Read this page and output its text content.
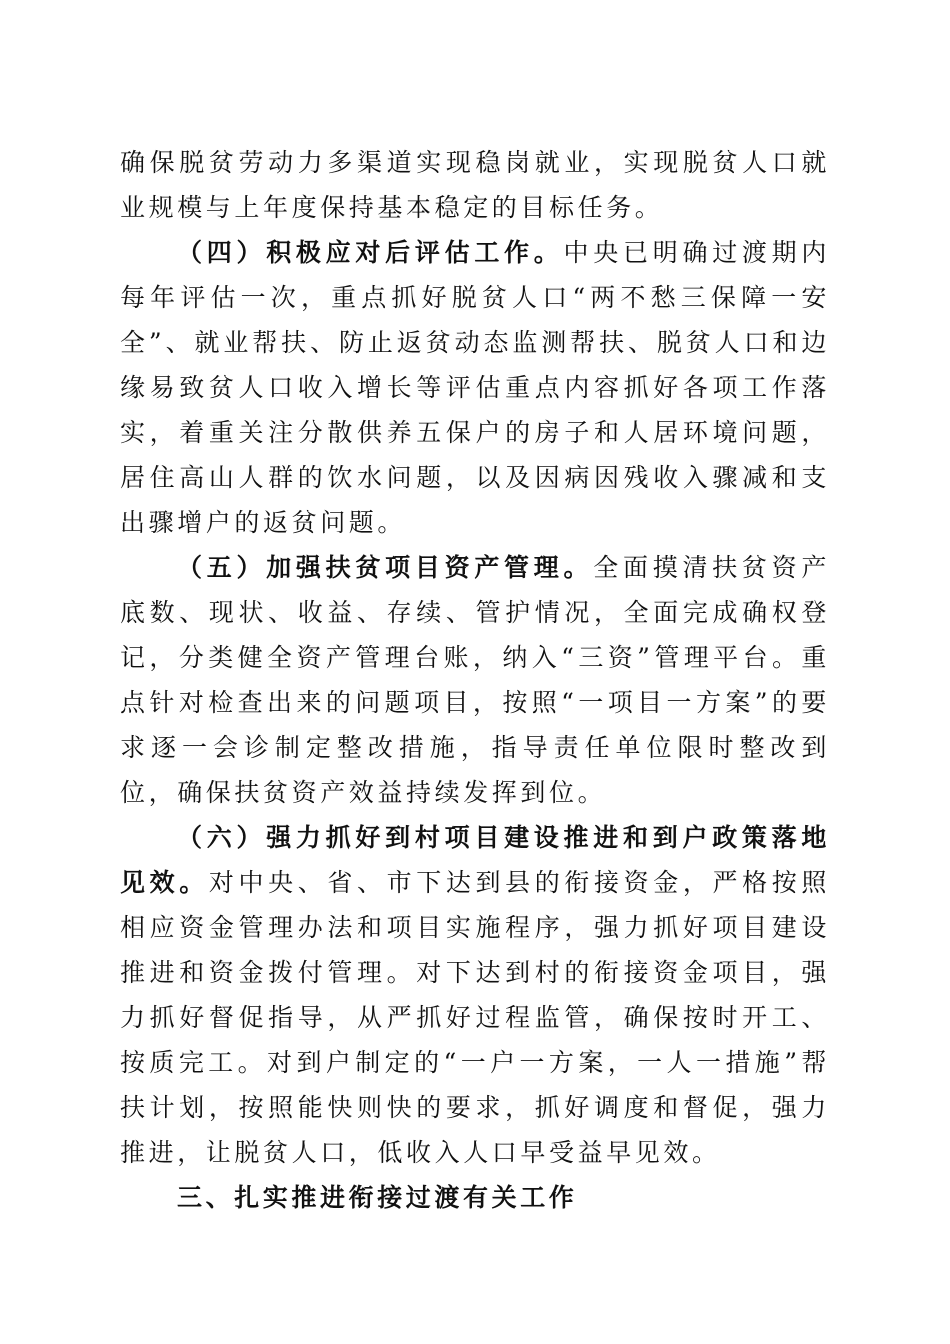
确保脱贫劳动力多渠道实现稳岗就业，实现脱贫人口就业规模与上年度保持基本稳定的目标任务。

（四）积极应对后评估工作。中央已明确过渡期内每年评估一次，重点抓好脱贫人口“两不愁三保障一安全”、就业帮扶、防止返贫动态监测帮扶、脱贫人口和边缘易致贫人口收入增长等评估重点内容抓好各项工作落实，着重关注分散供养五保户的房子和人居环境问题，居住高山人群的饮水问题，以及因病因残收入骤减和支出骤增户的返贫问题。

（五）加强扶贫项目资产管理。全面摸清扶贫资产底数、现状、收益、存续、管护情况，全面完成确权登记，分类健全资产管理台账，纳入“三资”管理平台。重点针对检查出来的问题项目，按照“一项目一方案”的要求逐一会诊制定整改措施，指导责任单位限时整改到位，确保扶贫资产效益持续发挥到位。

（六）强力抓好到村项目建设推进和到户政策落地见效。对中央、省、市下达到县的衔接资金，严格按照相应资金管理办法和项目实施程序，强力抓好项目建设推进和资金拨付管理。对下达到村的衔接资金项目，强力抓好督促指导，从严抓好过程监管，确保按时开工、按质完工。对到户制定的“一户一方案，一人一措施”帮扶计划，按照能快则快的要求，抓好调度和督促，强力推进，让脱贫人口，低收入人口早受益早见效。

三、扎实推进衔接过渡有关工作
